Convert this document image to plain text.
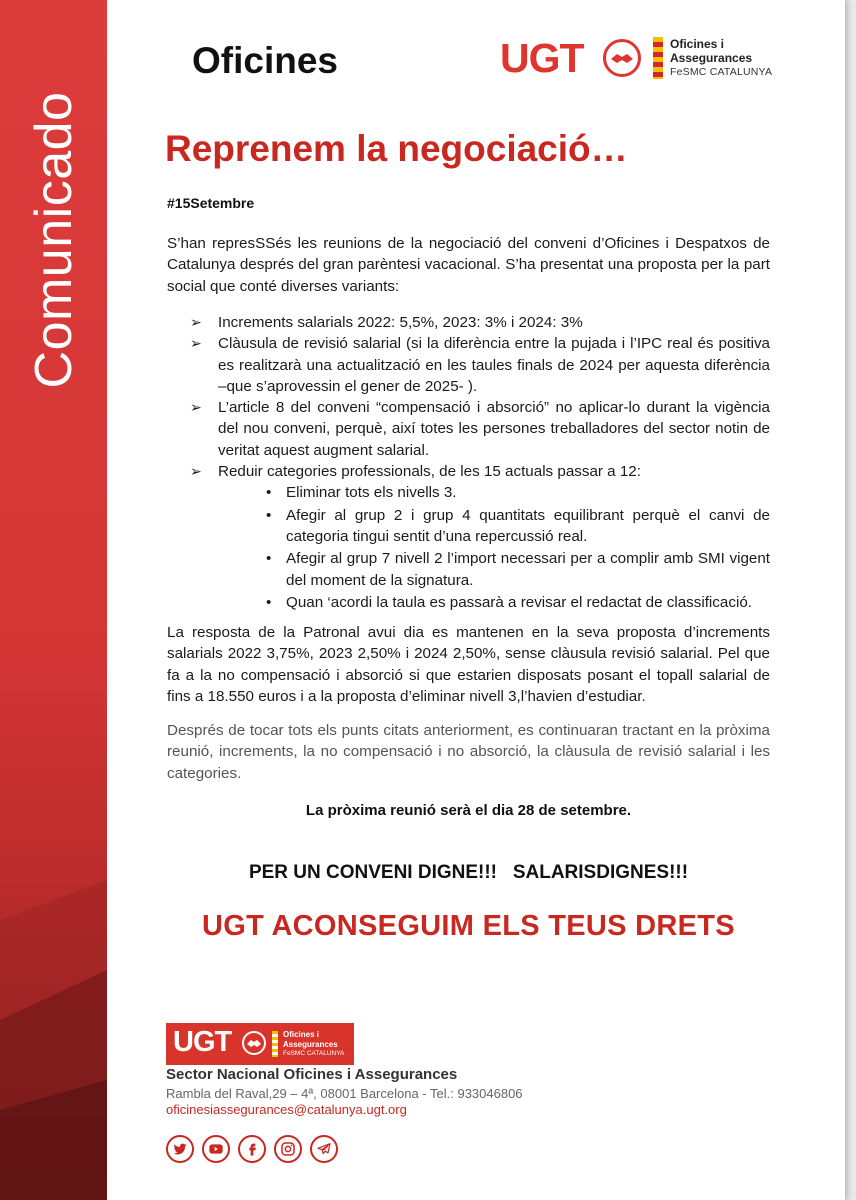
Comunicado
Oficines	UGT	Oficines i
Assegurances
FeSMC CATALUNYA
Reprenem la negociació…
#15Setembre

S’han represSSés les reunions de la negociació del conveni d’Oficines i Despatxos de Catalunya després del gran parèntesi vacacional. S’ha presentat una proposta per la part social que conté diverses variants:

➢ Increments salarials 2022: 5,5%, 2023: 3% i 2024: 3%
➢ Clàusula de revisió salarial (si la diferència entre la pujada i l’IPC real és positiva es realitzarà una actualització en les taules finals de 2024 per aquesta diferència –que s’aprovessin el gener de 2025- ).
➢ L’article 8 del conveni “compensació i absorció” no aplicar-lo durant la vigència del nou conveni, perquè, així totes les persones treballadores del sector notin de veritat aquest augment salarial.
➢ Reduir categories professionals, de les 15 actuals passar a 12:
• Eliminar tots els nivells 3.
• Afegir al grup 2 i grup 4 quantitats equilibrant perquè el canvi de categoria tingui sentit d’una repercussió real.
• Afegir al grup 7 nivell 2 l’import necessari per a complir amb SMI vigent del moment de la signatura.
• Quan ‘acordi la taula es passarà a revisar el redactat de classificació.

La resposta de la Patronal avui dia es mantenen en la seva proposta d’increments salarials 2022 3,75%, 2023 2,50% i 2024 2,50%, sense clàusula revisió salarial. Pel que fa a la no compensació i absorció si que estarien disposats posant el topall salarial de fins a 18.550 euros i a la proposta d’eliminar nivell 3,l’havien d’estudiar.

Després de tocar tots els punts citats anteriorment, es continuaran tractant en la pròxima reunió, increments, la no compensació i no absorció, la clàusula de revisió salarial i les categories.

La pròxima reunió serà el dia 28 de setembre.

PER UN CONVENI DIGNE!!!   SALARISDIGNES!!!

UGT ACONSEGUIM ELS TEUS DRETS

UGT	Oficines i
Assegurances
FeSMC CATALUNYA

Sector Nacional Oficines i Assegurances

Rambla del Raval,29 – 4ª, 08001 Barcelona - Tel.: 933046806

oficinesiassegurances@catalunya.ugt.org
